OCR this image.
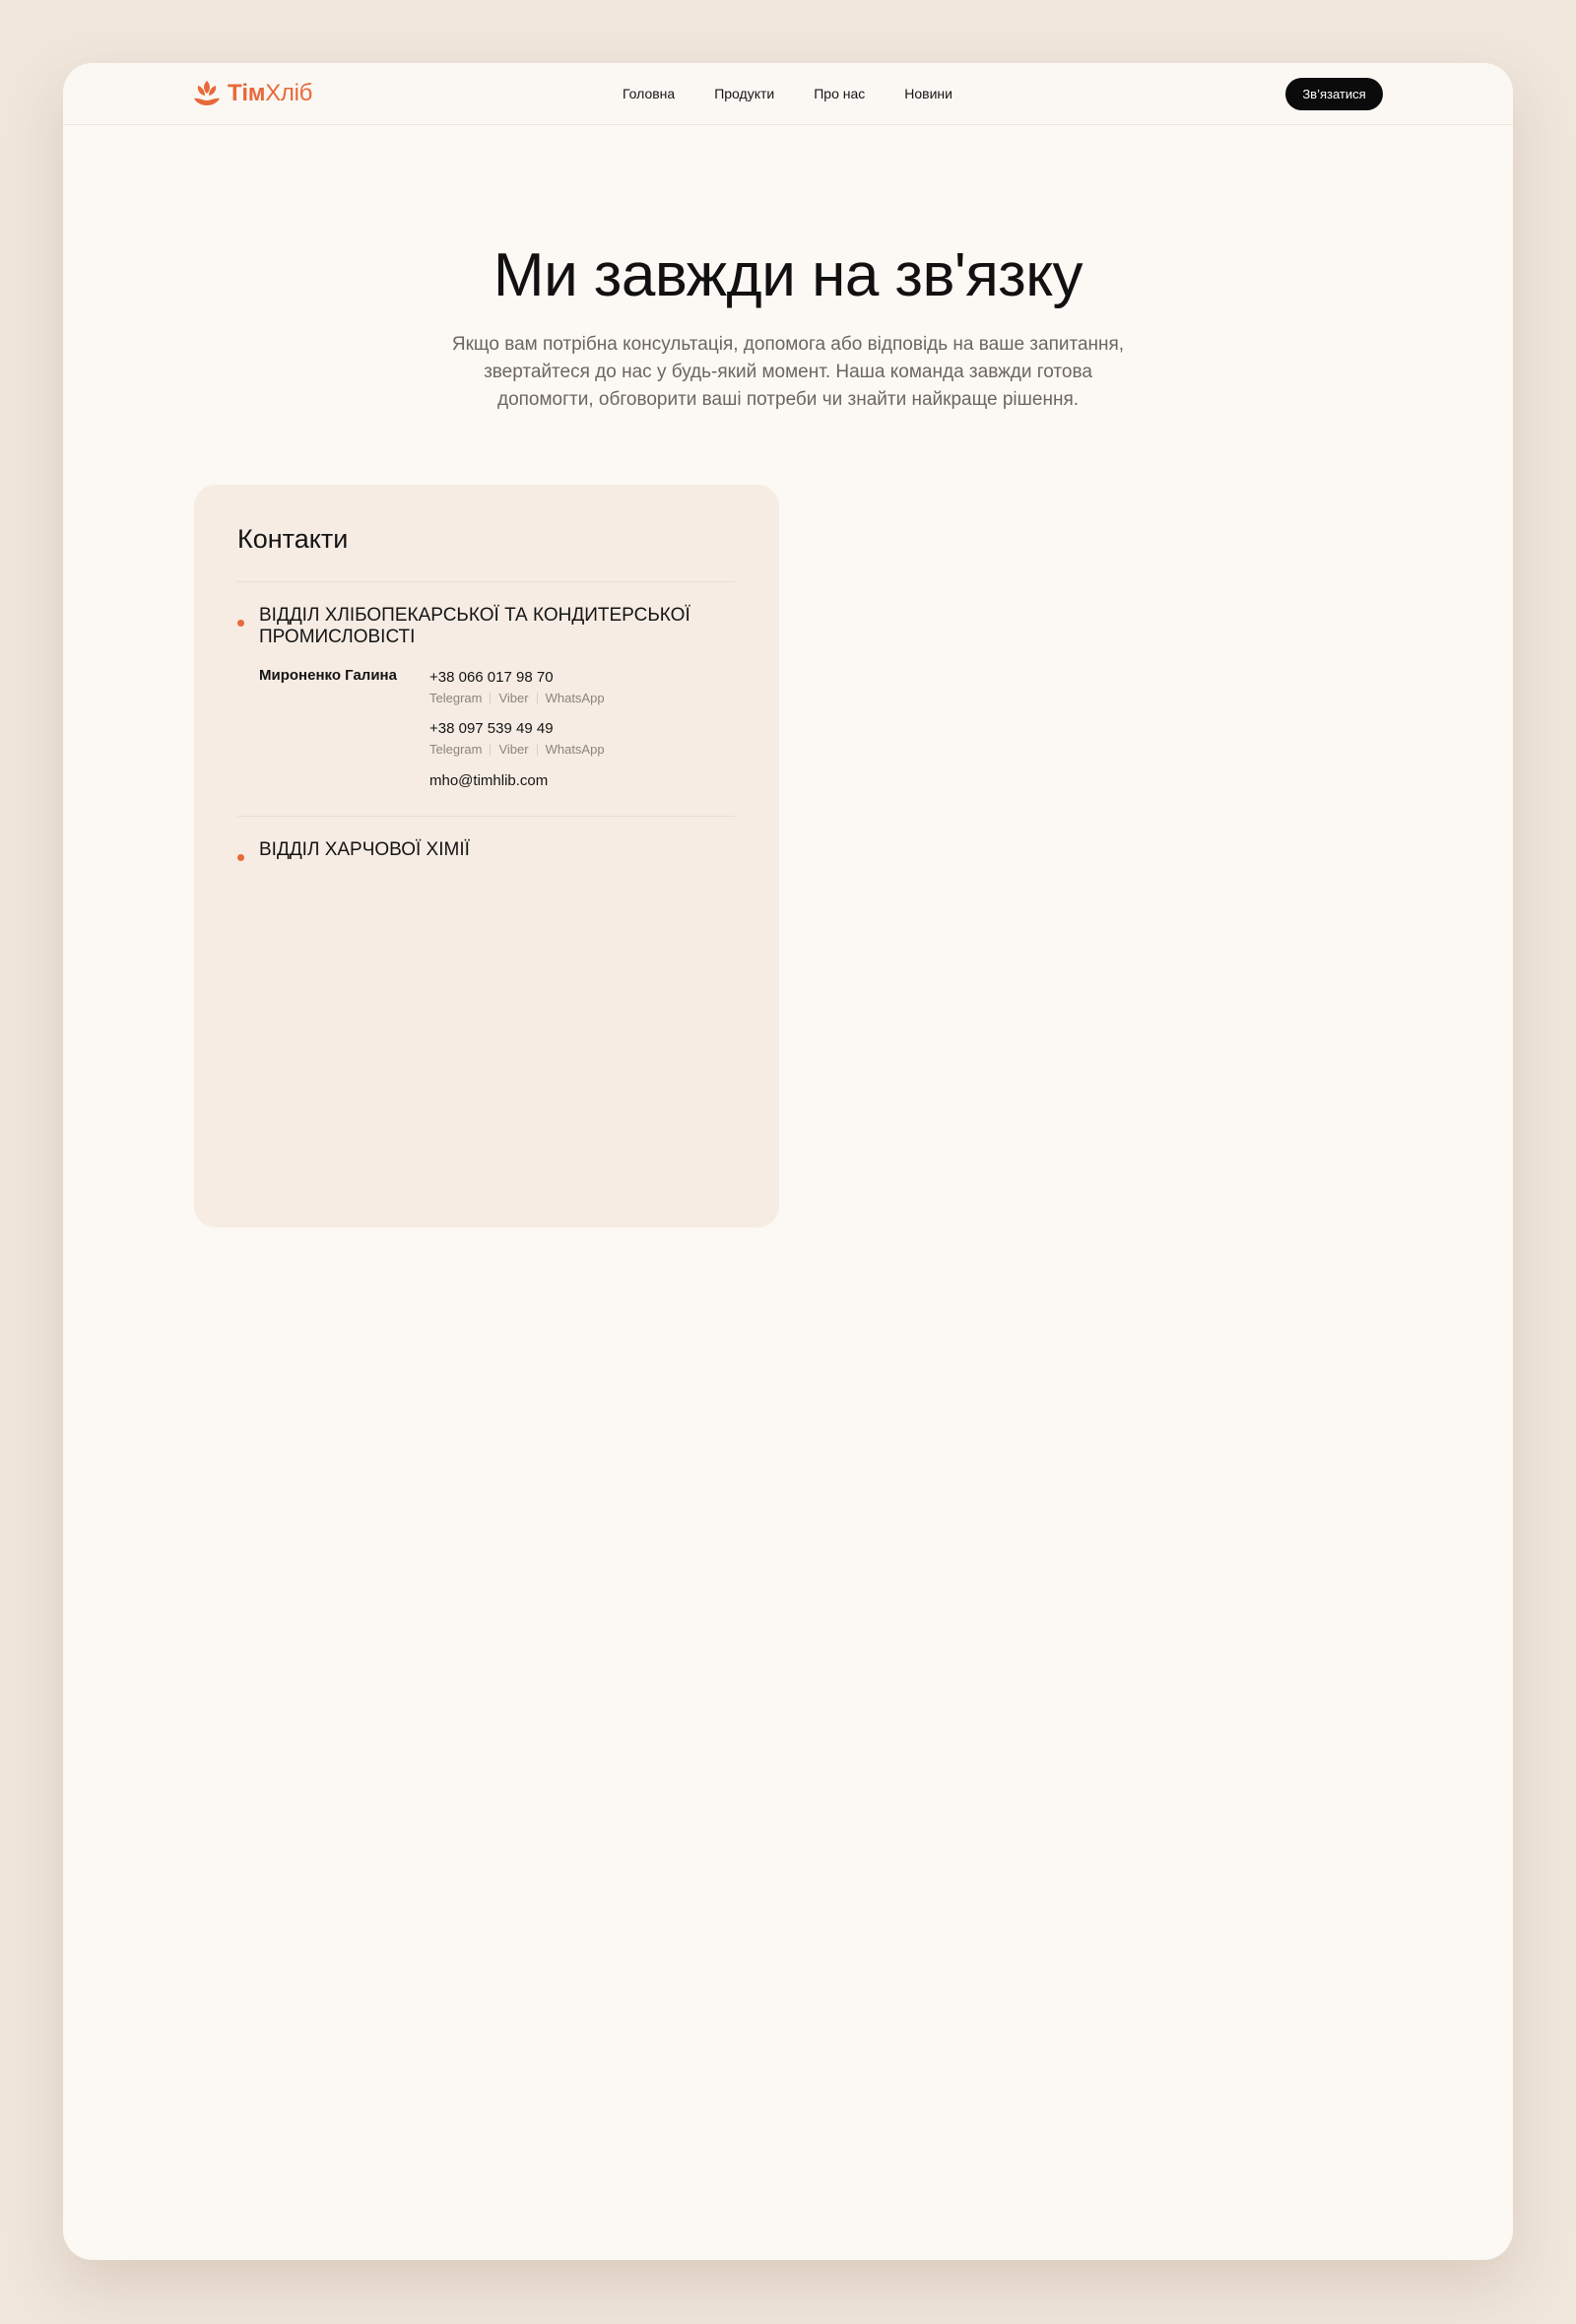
ТімХліб	Головна	Продукти	Про нас	Новини	Зв’язатися
Ми завжди на зв'язку
Якщо вам потрібна консультація, допомога або відповідь на ваше запитання,
звертайтеся до нас у будь-який момент. Наша команда завжди готова
допомогти, обговорити ваші потреби чи знайти найкраще рішення.
Контакти
ВІДДІЛ ХЛІБОПЕКАРСЬКОЇ ТА КОНДИТЕРСЬКОЇ
ПРОМИСЛОВІСТІ
Мироненко Галина +38 066 017 98 70
Telegram Viber WhatsApp
+38 097 539 49 49
Telegram Viber WhatsApp
mho@timhlib.com
ВІДДІЛ ХАРЧОВОЇ ХІМІЇ
